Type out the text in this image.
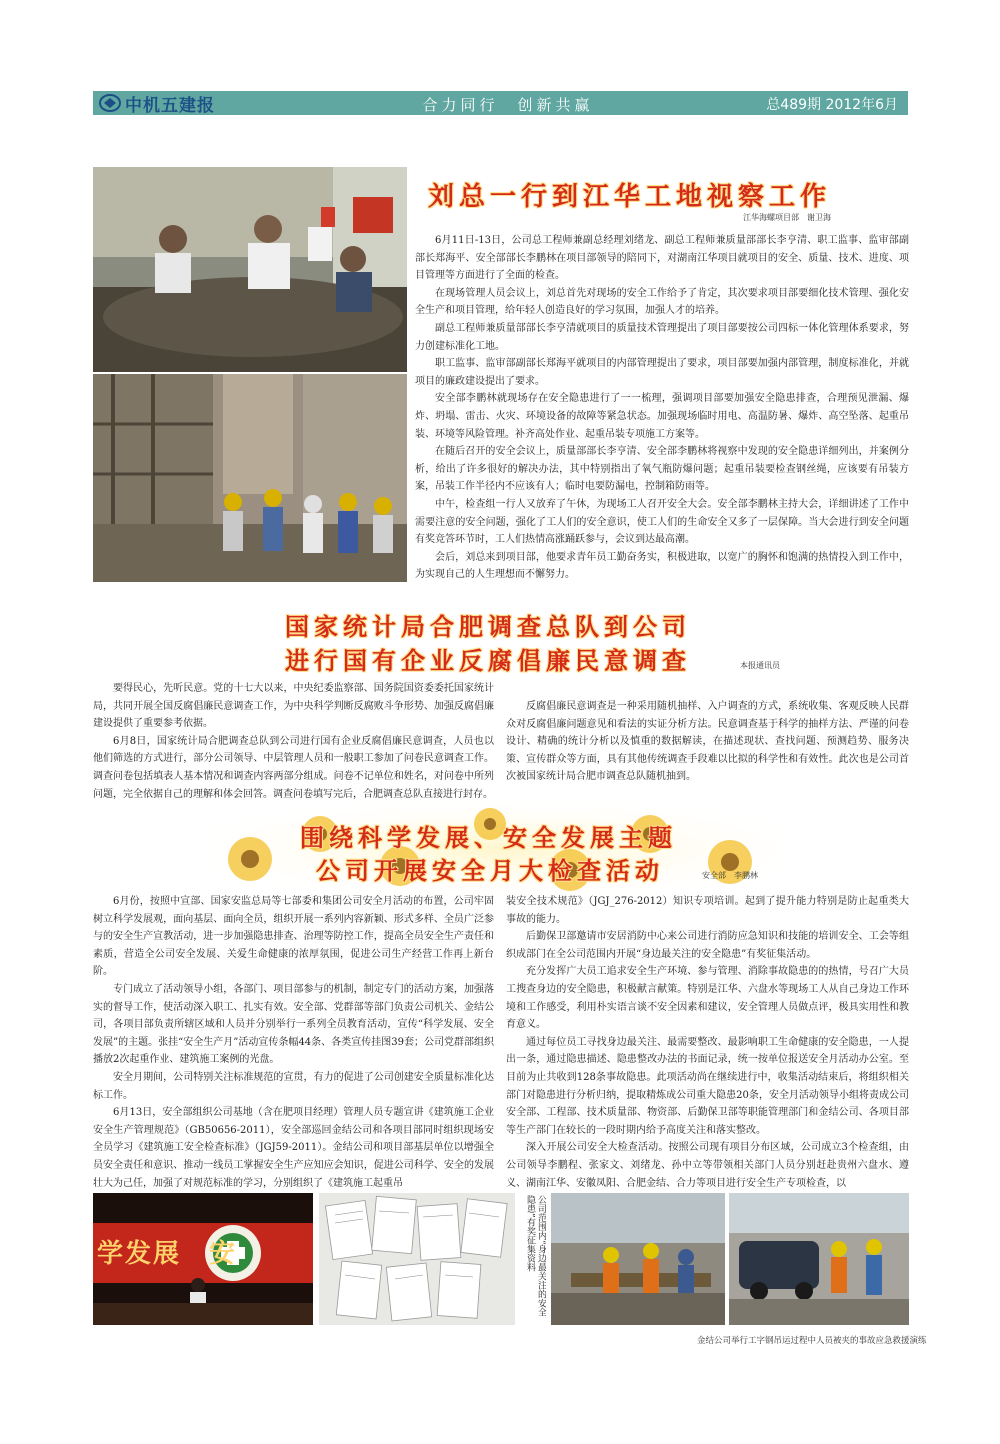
中机五建报	合力同行　创新共赢	总489期 2012年6月
刘总一行到江华工地视察工作
江华海螺项目部　谢卫海

6月11日-13日，公司总工程师兼副总经理刘绪龙、副总工程师兼质量部部长李亨清、职工监事、监审部副部长郑海平、安全部部长李鹏林在项目部领导的陪同下，对湖南江华项目就项目的安全、质量、技术、进度、项目管理等方面进行了全面的检查。

在现场管理人员会议上，刘总首先对现场的安全工作给予了肯定，其次要求项目部要细化技术管理、强化安全生产和项目管理，给年轻人创造良好的学习氛围，加强人才的培养。

副总工程师兼质量部部长李亨清就项目的质量技术管理提出了项目部要按公司四标一体化管理体系要求，努力创建标准化工地。

职工监事、监审部副部长郑海平就项目的内部管理提出了要求，项目部要加强内部管理，制度标准化，并就项目的廉政建设提出了要求。

安全部李鹏林就现场存在安全隐患进行了一一梳理，强调项目部要加强安全隐患排查，合理预见泄漏、爆炸、坍塌、雷击、火灾、环境设备的故障等紧急状态。加强现场临时用电、高温防暑、爆炸、高空坠落、起重吊装、环境等风险管理。补齐高处作业、起重吊装专项施工方案等。

在随后召开的安全会议上，质量部部长李亨清、安全部李鹏林将视察中发现的安全隐患详细列出，并案例分析，给出了许多很好的解决办法，其中特别指出了氧气瓶防爆问题；起重吊装要检查钢丝绳，应该要有吊装方案，吊装工作半径内不应该有人；临时电要防漏电，控制箱防雨等。

中午，检查组一行人又放弃了午休，为现场工人召开安全大会。安全部李鹏林主持大会，详细讲述了工作中需要注意的安全问题，强化了工人们的安全意识，使工人们的生命安全又多了一层保障。当大会进行到安全问题有奖竞答环节时，工人们热情高涨踊跃参与，会议到达最高潮。

会后，刘总来到项目部，他要求青年员工勤奋务实，积极进取，以宽广的胸怀和饱满的热情投入到工作中，为实现自己的人生理想而不懈努力。

国家统计局合肥调查总队到公司
进行国有企业反腐倡廉民意调查	本报通讯员

要得民心，先听民意。党的十七大以来，中央纪委监察部、国务院国资委委托国家统计局，共同开展全国反腐倡廉民意调查工作，为中央科学判断反腐败斗争形势、加强反腐倡廉建设提供了重要参考依据。

6月8日，国家统计局合肥调查总队到公司进行国有企业反腐倡廉民意调查，人员也以他们筛选的方式进行，部分公司领导、中层管理人员和一般职工参加了问卷民意调查工作。调查问卷包括填表人基本情况和调查内容两部分组成。问卷不记单位和姓名，对问卷中所列问题，完全依据自己的理解和体会回答。调查问卷填写完后，合肥调查总队直接进行封存。

反腐倡廉民意调查是一种采用随机抽样、入户调查的方式，系统收集、客观反映人民群众对反腐倡廉问题意见和看法的实证分析方法。民意调查基于科学的抽样方法、严谨的问卷设计、精确的统计分析以及慎重的数据解读，在描述现状、查找问题、预测趋势、服务决策、宣传群众等方面，具有其他传统调查手段难以比拟的科学性和有效性。此次也是公司首次被国家统计局合肥市调查总队随机抽到。

围绕科学发展、安全发展主题
公司开展安全月大检查活动	安全部　李鹏林

6月份，按照中宣部、国家安监总局等七部委和集团公司安全月活动的布置，公司牢固树立科学发展观，面向基层、面向全员，组织开展一系列内容新颖、形式多样、全员广泛参与的安全生产宣教活动，进一步加强隐患排查、治理等防控工作，提高全员安全生产责任和素质，营造全公司安全发展、关爱生命健康的浓厚氛围，促进公司生产经营工作再上新台阶。

专门成立了活动领导小组，各部门、项目部参与的机制，制定专门的活动方案，加强落实的督导工作，使活动深入职工、扎实有效。安全部、党群部等部门负责公司机关、金结公司，各项目部负责所辖区域和人员并分别举行一系列全员教育活动，宣传“科学发展、安全发展”的主题。张挂“安全生产月”活动宣传条幅44条、各类宣传挂图39套；公司党群部组织播放2次起重作业、建筑施工案例的光盘。

安全月期间，公司特别关注标准规范的宣贯，有力的促进了公司创建安全质量标准化达标工作。

6月13日，安全部组织公司基地（含在肥项目经理）管理人员专题宣讲《建筑施工企业安全生产管理规范》（GB50656-2011），安全部巡回金结公司和各项目部同时组织现场安全员学习《建筑施工安全检查标准》（JGJ59-2011）。金结公司和项目部基层单位以增强全员安全责任和意识、推动一线员工掌握安全生产应知应会知识，促进公司科学、安全的发展壮大为己任，加强了对规范标准的学习，分别组织了《建筑施工起重吊

装安全技术规范》（JGJ_276-2012）知识专项培训。起到了提升能力特别是防止起重类大事故的能力。

后勤保卫部邀请市安居消防中心来公司进行消防应急知识和技能的培训安全、工会等组织成部门在全公司范围内开展“身边最关注的安全隐患”有奖征集活动。

充分发挥广大员工追求安全生产环境、参与管理、消除事故隐患的的热情，号召广大员工搜查身边的安全隐患，积极献言献策。特别是江华、六盘水等现场工人从自己身边工作环境和工作感受，利用朴实语言谈不安全因素和建议，安全管理人员做点评，极具实用性和教育意义。

通过每位员工寻找身边最关注、最需要整改、最影响职工生命健康的安全隐患，一人提出一条，通过隐患描述、隐患整改办法的书面记录，统一按单位报送安全月活动办公室。至目前为止共收到128条事故隐患。此项活动尚在继续进行中，收集活动结束后，将组织相关部门对隐患进行分析归纳，提取精炼成公司重大隐患20条，安全月活动领导小组将责成公司安全部、工程部、技术质量部、物资部、后勤保卫部等职能管理部门和金结公司、各项目部等生产部门在较长的一段时期内给予高度关注和落实整改。

深入开展公司安全大检查活动。按照公司现有项目分布区域，公司成立3个检查组，由公司领导李鹏程、张家文、刘绪龙、孙中立等带领相关部门人员分别赶赴贵州六盘水、遵义、湖南江华、安徽凤阳、合肥金结、合力等项目进行安全生产专项检查，以

学发展　安	公司范围内“身边最关注的安全隐患”有奖征集资料
金结公司举行工字钢吊运过程中人员被夹的事故应急救援演练
